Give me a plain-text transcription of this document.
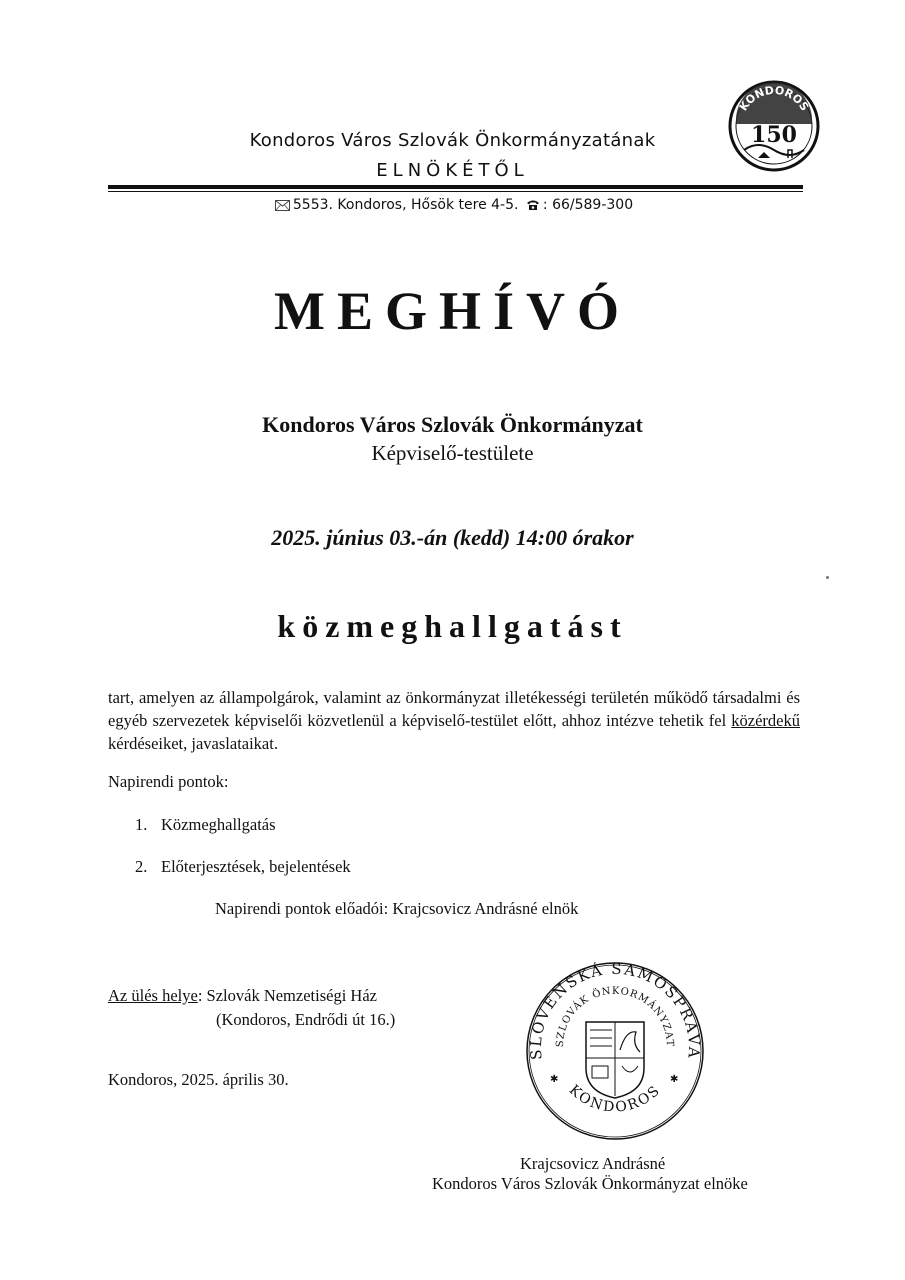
Kondoros Város Szlovák Önkormányzatának
ELNÖKÉTŐL
5553. Kondoros, Hősök tere 4-5. : 66/589-300
KONDOROS
150
MEGHÍVÓ
Kondoros Város Szlovák Önkormányzat
Képviselő-testülete
2025. június 03.-án (kedd) 14:00 órakor
közmeghallgatást
tart, amelyen az állampolgárok, valamint az önkormányzat illetékességi területén működő társadalmi és egyéb szervezetek képviselői közvetlenül a képviselő-testület előtt, ahhoz intézve tehetik fel közérdekű kérdéseiket, javaslataikat.
Napirendi pontok:
1. Közmeghallgatás
2. Előterjesztések, bejelentések
Napirendi pontok előadói: Krajcsovicz Andrásné elnök
Az ülés helye: Szlovák Nemzetiségi Ház
(Kondoros, Endrődi út 16.)
Kondoros, 2025. április 30.
SLOVENSKÁ SAMOSPRÁVA
SZLOVÁK ÖNKORMÁNYZAT
KONDOROS
✱	✱
Krajcsovicz Andrásné
Kondoros Város Szlovák Önkormányzat elnöke
